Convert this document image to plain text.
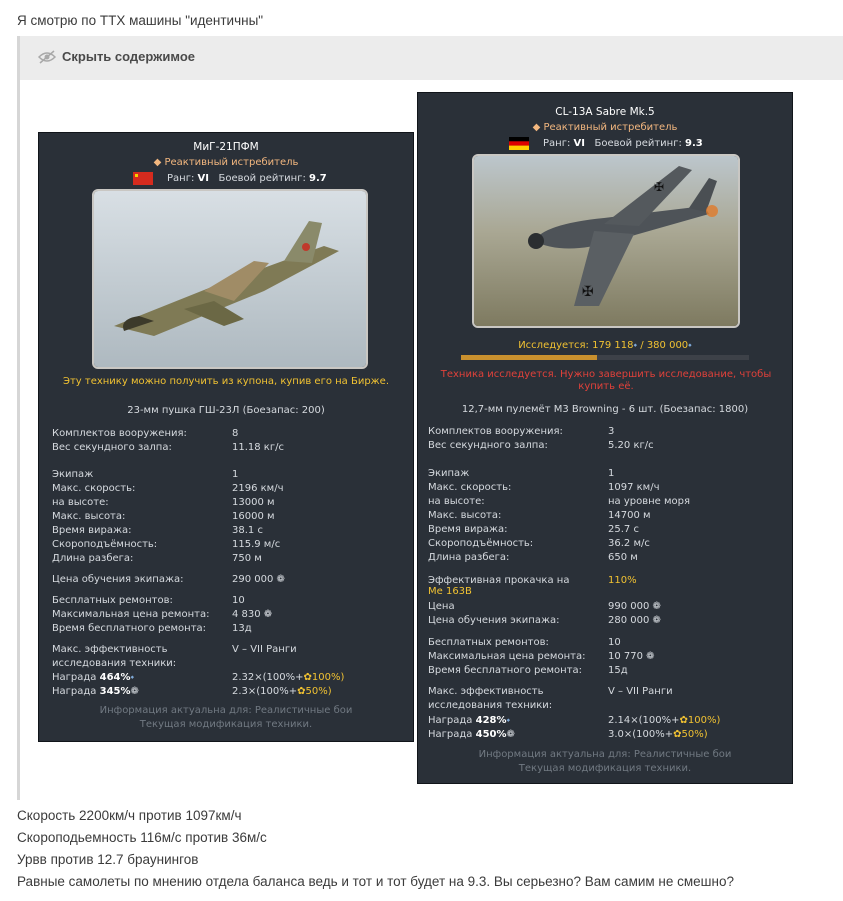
Я смотрю по ТТХ машины "идентичны"
Скрыть содержимое
МиГ-21ПФМ
◆ Реактивный истребитель
Ранг: VI Боевой рейтинг: 9.7
Эту технику можно получить из купона, купив его на Бирже.
23-мм пушка ГШ-23Л (Боезапас: 200)
Комплектов вооружения:	8
Вес секундного залпа:	11.18 кг/с
Экипаж	1
Макс. скорость:	2196 км/ч
на высоте:	13000 м
Макс. высота:	16000 м
Время виража:	38.1 с
Скороподъёмность:	115.9 м/с
Длина разбега:	750 м
Цена обучения экипажа:	290 000 ❁
Бесплатных ремонтов:	10
Максимальная цена ремонта: 4 830 ❁
Время бесплатного ремонта:	13д
Макс. эффективность	V – VII Ранги
исследования техники:
Награда 464%⬩	2.32×(100%+✿100%)
Награда 345%❁	2.3×(100%+✿50%)
Информация актуальна для: Реалистичные бои
Текущая модификация техники.
CL-13A Sabre Mk.5
◆ Реактивный истребитель
Ранг: VI Боевой рейтинг: 9.3
✠
✠
Исследуется: 179 118⬩ / 380 000⬩
Техника исследуется. Нужно завершить исследование, чтобы купить её.
12,7-мм пулемёт M3 Browning - 6 шт. (Боезапас: 1800)
Комплектов вооружения:	3
Вес секундного залпа:	5.20 кг/с
Экипаж	1
Макс. скорость:	1097 км/ч
на высоте:	на уровне моря
Макс. высота:	14700 м
Время виража:	25.7 с
Скороподъёмность:	36.2 м/с
Длина разбега:	650 м
Эффективная прокачка на
Me 163B
110%
Цена	990 000 ❁
Цена обучения экипажа:	280 000 ❁
Бесплатных ремонтов:	10
Максимальная цена ремонта: 10 770 ❁
Время бесплатного ремонта:	15д
Макс. эффективность	V – VII Ранги
исследования техники:
Награда 428%⬩	2.14×(100%+✿100%)
Награда 450%❁	3.0×(100%+✿50%)
Информация актуальна для: Реалистичные бои
Текущая модификация техники.
Скорость 2200км/ч против 1097км/ч
Скороподьемность 116м/с против 36м/с
Урвв против 12.7 браунингов
Равные самолеты по мнению отдела баланса ведь и тот и тот будет на 9.3. Вы серьезно? Вам самим не смешно?
